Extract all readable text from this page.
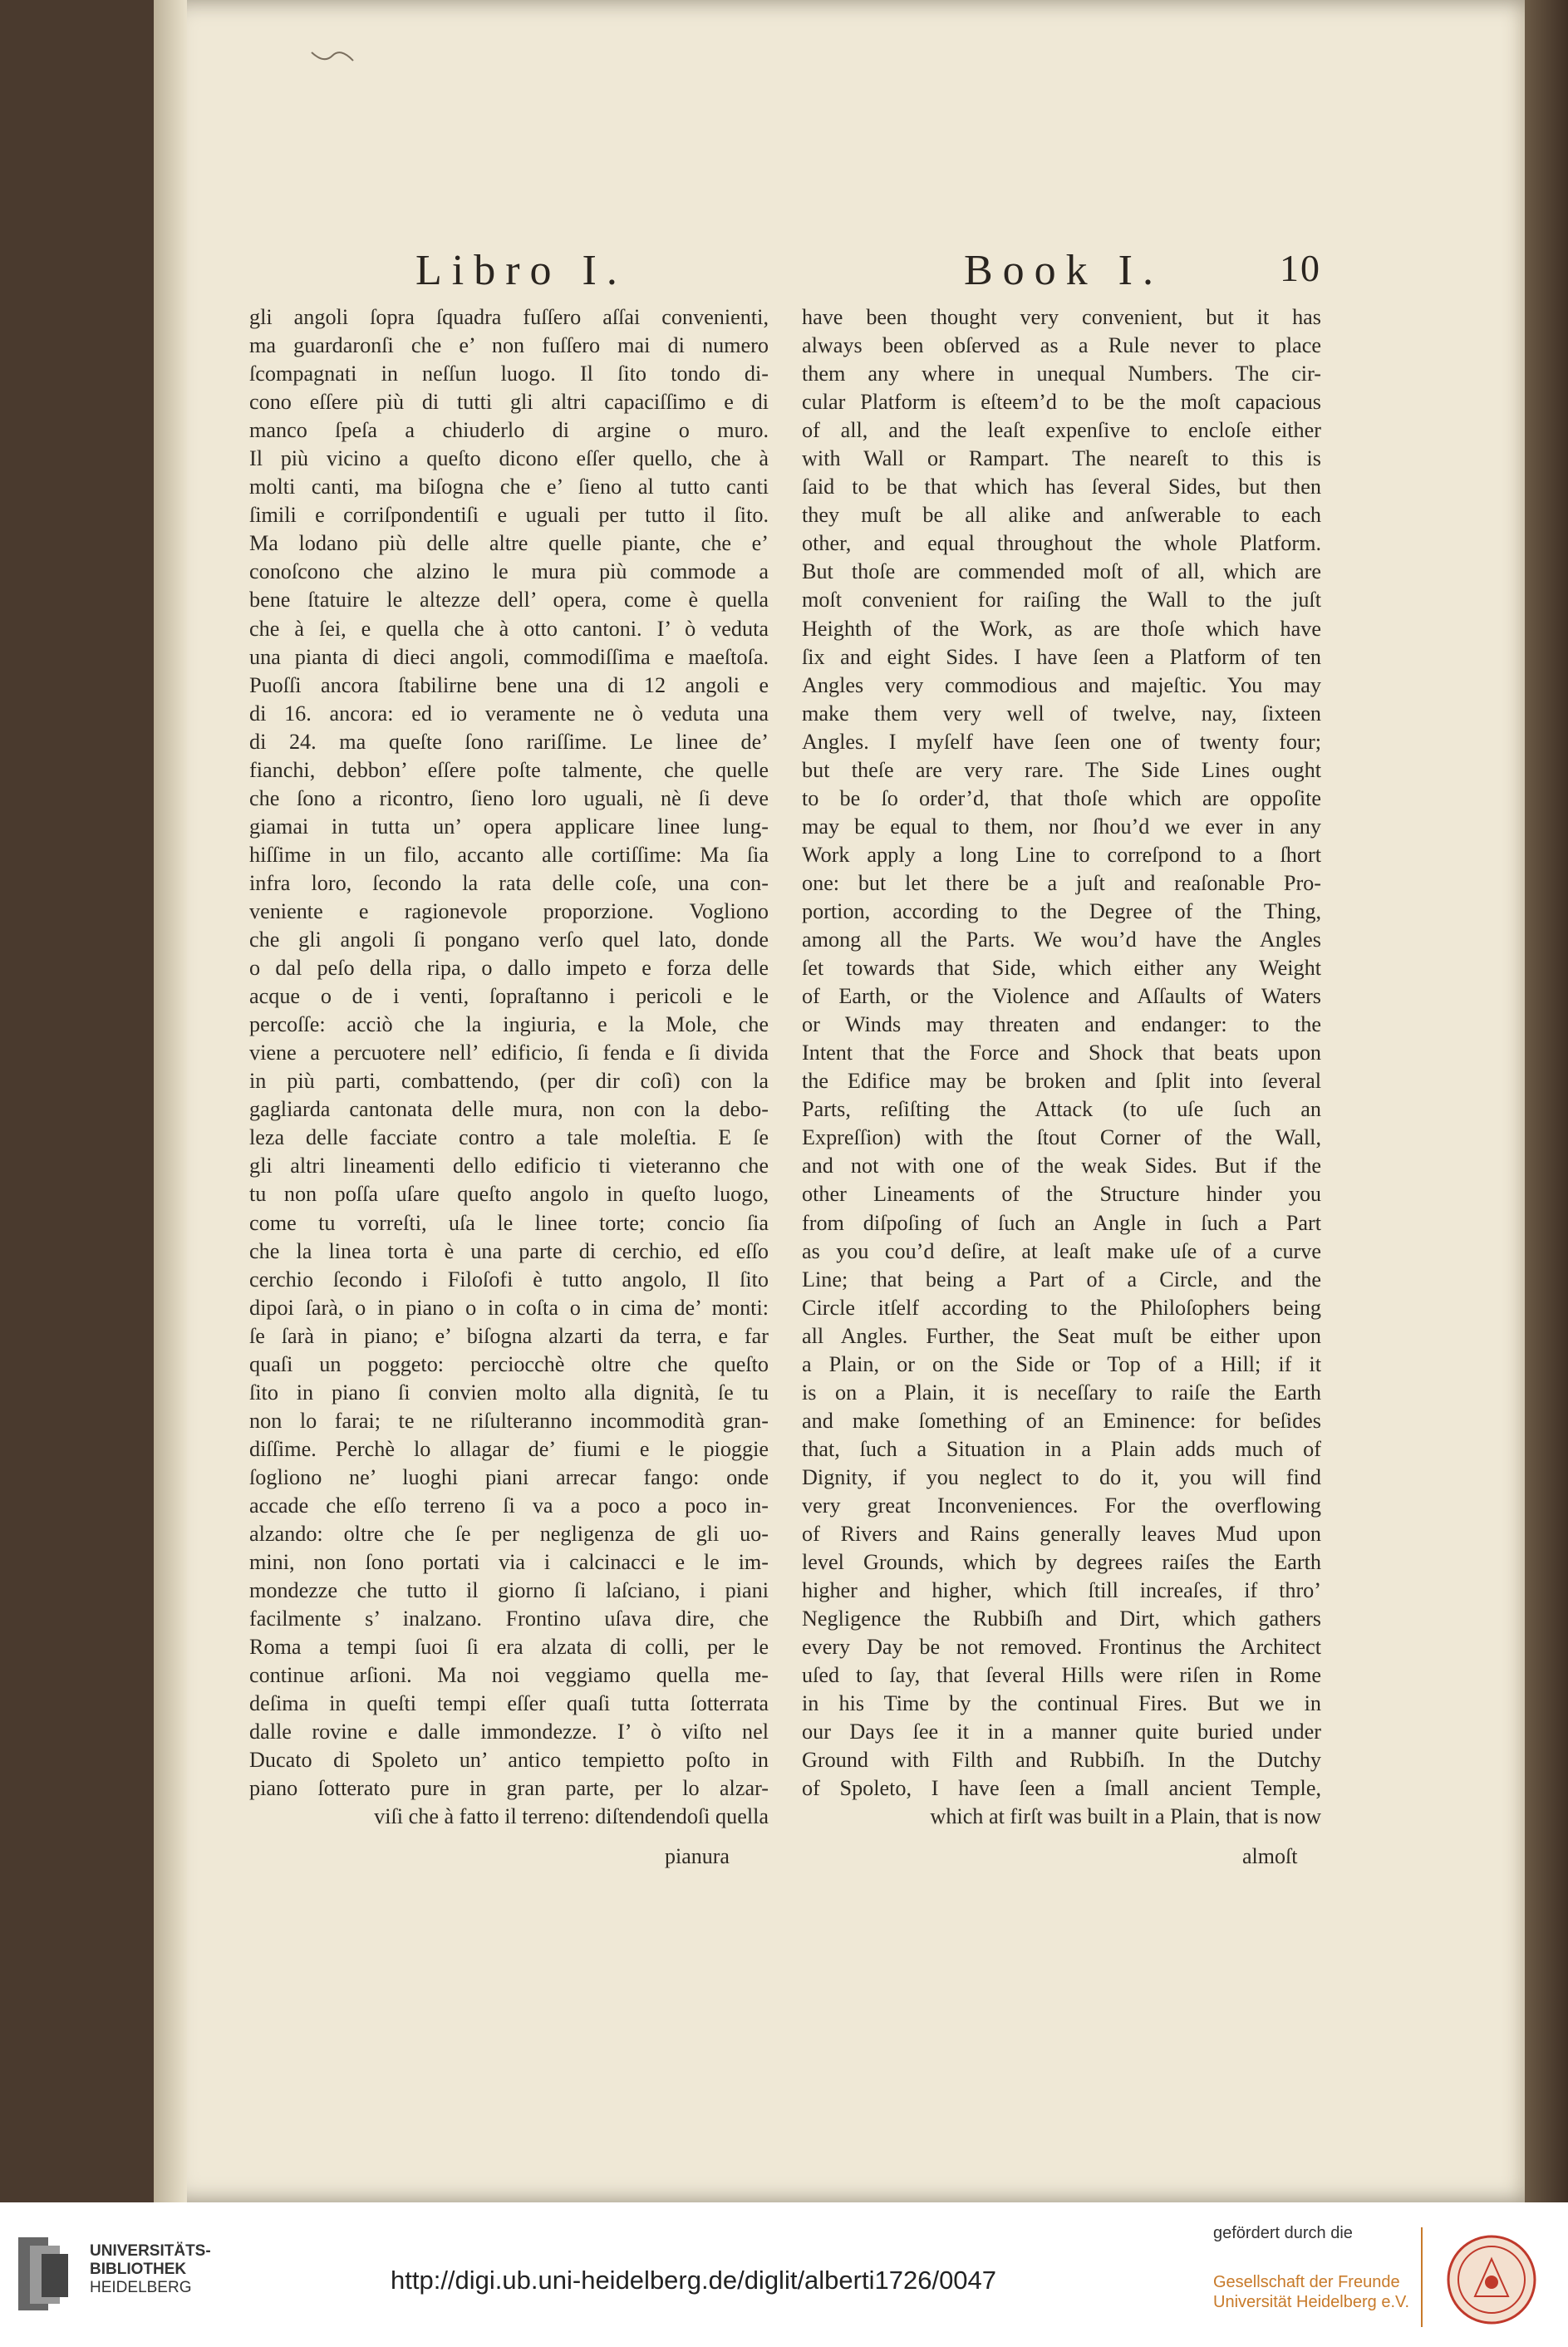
Libro I.	Book I.	10
gli angoli ſopra ſquadra fuſſero aſſai convenienti,
ma guardaronſi che e’ non fuſſero mai di numero
ſcompagnati in neſſun luogo. Il ſito tondo di-
cono eſſere più di tutti gli altri capaciſſimo e di
manco ſpeſa a chiuderlo di argine o muro.
Il più vicino a queſto dicono eſſer quello, che à
molti canti, ma biſogna che e’ ſieno al tutto canti
ſimili e corriſpondentiſi e uguali per tutto il ſito.
Ma lodano più delle altre quelle piante, che e’
conoſcono che alzino le mura più commode a
bene ſtatuire le altezze dell’ opera, come è quella
che à ſei, e quella che à otto cantoni. I’ ò veduta
una pianta di dieci angoli, commodiſſima e maeſtoſa.
Puoſſi ancora ſtabilirne bene una di 12 angoli e
di 16. ancora: ed io veramente ne ò veduta una
di 24. ma queſte ſono rariſſime. Le linee de’
fianchi, debbon’ eſſere poſte talmente, che quelle
che ſono a ricontro, ſieno loro uguali, nè ſi deve
giamai in tutta un’ opera applicare linee lung-
hiſſime in un filo, accanto alle cortiſſime: Ma ſia
infra loro, ſecondo la rata delle coſe, una con-
veniente e ragionevole proporzione. Vogliono
che gli angoli ſi pongano verſo quel lato, donde
o dal peſo della ripa, o dallo impeto e forza delle
acque o de i venti, ſopraſtanno i pericoli e le
percoſſe: acciò che la ingiuria, e la Mole, che
viene a percuotere nell’ edificio, ſi fenda e ſi divida
in più parti, combattendo, (per dir coſì) con la
gagliarda cantonata delle mura, non con la debo-
leza delle facciate contro a tale moleſtia. E ſe
gli altri lineamenti dello edificio ti vieteranno che
tu non poſſa uſare queſto angolo in queſto luogo,
come tu vorreſti, uſa le linee torte; concio ſia
che la linea torta è una parte di cerchio, ed eſſo
cerchio ſecondo i Filoſofi è tutto angolo, Il ſito
dipoi ſarà, o in piano o in coſta o in cima de’ monti:
ſe ſarà in piano; e’ biſogna alzarti da terra, e far
quaſi un poggeto: perciocchè oltre che queſto
ſito in piano ſi convien molto alla dignità, ſe tu
non lo farai; te ne riſulteranno incommodità gran-
diſſime. Perchè lo allagar de’ fiumi e le pioggie
ſogliono ne’ luoghi piani arrecar fango: onde
accade che eſſo terreno ſi va a poco a poco in-
alzando: oltre che ſe per negligenza de gli uo-
mini, non ſono portati via i calcinacci e le im-
mondezze che tutto il giorno ſi laſciano, i piani
facilmente s’ inalzano. Frontino uſava dire, che
Roma a tempi ſuoi ſi era alzata di colli, per le
continue arſioni. Ma noi veggiamo quella me-
deſima in queſti tempi eſſer quaſi tutta ſotterrata
dalle rovine e dalle immondezze. I’ ò viſto nel
Ducato di Spoleto un’ antico tempietto poſto in
piano ſotterato pure in gran parte, per lo alzar-
viſi che à fatto il terreno: diſtendendoſi quella
have been thought very convenient, but it has
always been obſerved as a Rule never to place
them any where in unequal Numbers. The cir-
cular Platform is eſteem’d to be the moſt capacious
of all, and the leaſt expenſive to encloſe either
with Wall or Rampart. The neareſt to this is
ſaid to be that which has ſeveral Sides, but then
they muſt be all alike and anſwerable to each
other, and equal throughout the whole Platform.
But thoſe are commended moſt of all, which are
moſt convenient for raiſing the Wall to the juſt
Heighth of the Work, as are thoſe which have
ſix and eight Sides. I have ſeen a Platform of ten
Angles very commodious and majeſtic. You may
make them very well of twelve, nay, ſixteen
Angles. I myſelf have ſeen one of twenty four;
but theſe are very rare. The Side Lines ought
to be ſo order’d, that thoſe which are oppoſite
may be equal to them, nor ſhou’d we ever in any
Work apply a long Line to correſpond to a ſhort
one: but let there be a juſt and reaſonable Pro-
portion, according to the Degree of the Thing,
among all the Parts. We wou’d have the Angles
ſet towards that Side, which either any Weight
of Earth, or the Violence and Aſſaults of Waters
or Winds may threaten and endanger: to the
Intent that the Force and Shock that beats upon
the Edifice may be broken and ſplit into ſeveral
Parts, reſiſting the Attack (to uſe ſuch an
Expreſſion) with the ſtout Corner of the Wall,
and not with one of the weak Sides. But if the
other Lineaments of the Structure hinder you
from diſpoſing of ſuch an Angle in ſuch a Part
as you cou’d deſire, at leaſt make uſe of a curve
Line; that being a Part of a Circle, and the
Circle itſelf according to the Philoſophers being
all Angles. Further, the Seat muſt be either upon
a Plain, or on the Side or Top of a Hill; if it
is on a Plain, it is neceſſary to raiſe the Earth
and make ſomething of an Eminence: for beſides
that, ſuch a Situation in a Plain adds much of
Dignity, if you neglect to do it, you will find
very great Inconveniences. For the overflowing
of Rivers and Rains generally leaves Mud upon
level Grounds, which by degrees raiſes the Earth
higher and higher, which ſtill increaſes, if thro’
Negligence the Rubbiſh and Dirt, which gathers
every Day be not removed. Frontinus the Architect
uſed to ſay, that ſeveral Hills were riſen in Rome
in his Time by the continual Fires. But we in
our Days ſee it in a manner quite buried under
Ground with Filth and Rubbiſh. In the Dutchy
of Spoleto, I have ſeen a ſmall ancient Temple,
which at firſt was built in a Plain, that is now
pianura	almoſt
UNIVERSITÄTS-
BIBLIOTHEK
HEIDELBERG	http://digi.ub.uni-heidelberg.de/diglit/alberti1726/0047
gefördert durch die
Gesellschaft der Freunde
Universität Heidelberg e.V.
